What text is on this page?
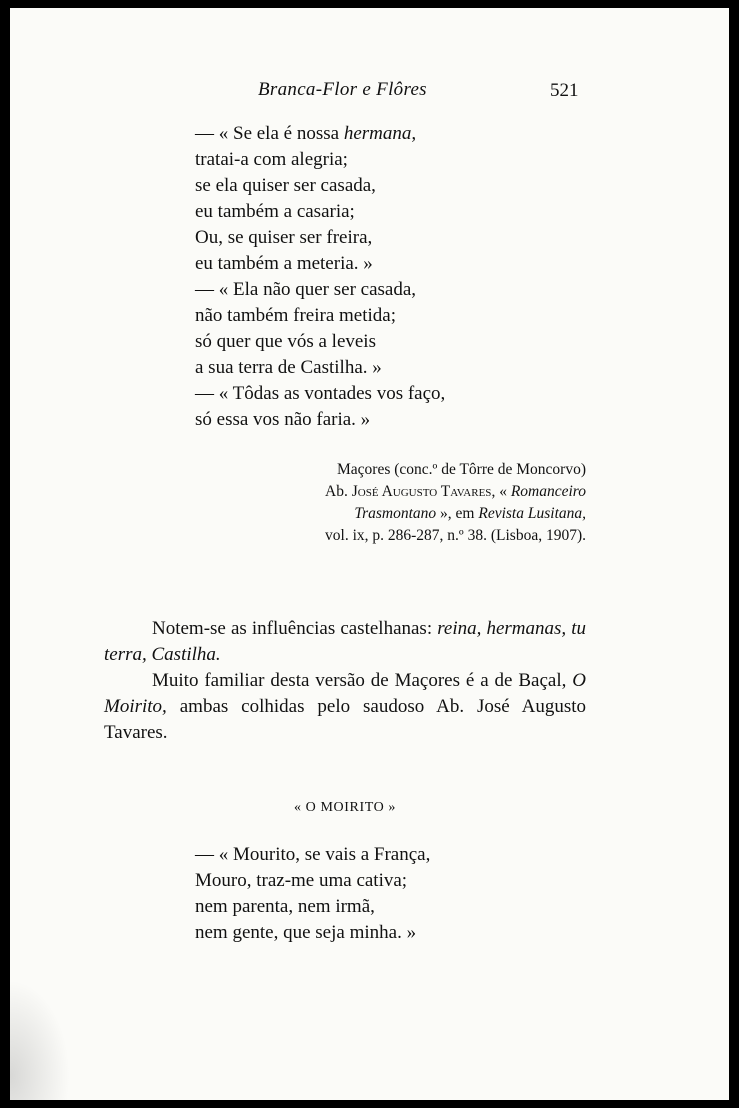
Branca-Flor e Flôres	521
— « Se ela é nossa hermana,
tratai-a com alegria;
se ela quiser ser casada,
eu também a casaria;
Ou, se quiser ser freira,
eu também a meteria. »
— « Ela não quer ser casada,
não também freira metida;
só quer que vós a leveis
a sua terra de Castilha. »
— « Tôdas as vontades vos faço,
só essa vos não faria. »
Maçores (conc.º de Tôrre de Moncorvo)
Ab. José Augusto Tavares, « Romanceiro
Trasmontano », em Revista Lusitana,
vol. ix, p. 286-287, n.º 38. (Lisboa, 1907).

Notem-se as influências castelhanas: reina, hermanas, tu terra, Castilha.

Muito familiar desta versão de Maçores é a de Baçal, O Moirito, ambas colhidas pelo saudoso Ab. José Augusto Tavares.

« O MOIRITO »
— « Mourito, se vais a França,
Mouro, traz-me uma cativa;
nem parenta, nem irmã,
nem gente, que seja minha. »
